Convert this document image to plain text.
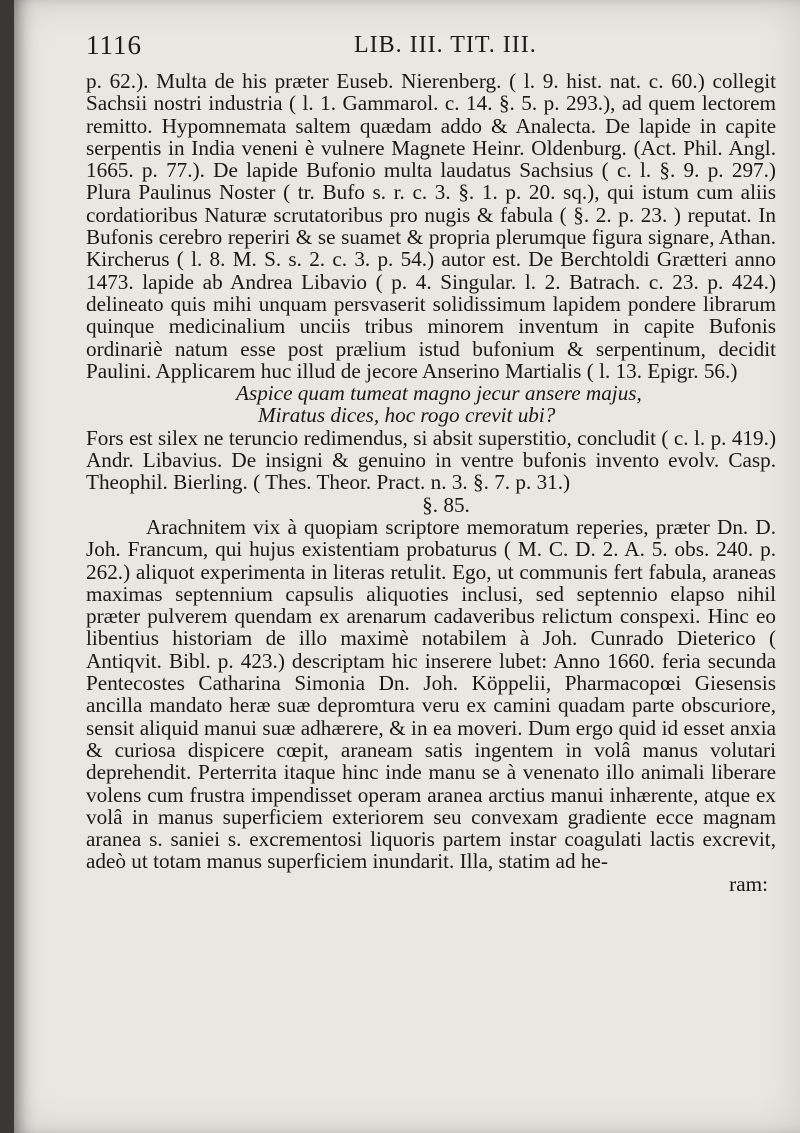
1116	LIB. III. TIT. III.

p. 62.). Multa de his præter Euseb. Nierenberg. ( l. 9. hist. nat. c. 60.) collegit Sachsii nostri industria ( l. 1. Gammarol. c. 14. §. 5. p. 293.), ad quem lectorem remitto. Hypomnemata saltem quædam addo & Analecta. De lapide in capite serpentis in India veneni è vulnere Magnete Heinr. Oldenburg. (Act. Phil. Angl. 1665. p. 77.). De lapide Bufonio multa laudatus Sachsius ( c. l. §. 9. p. 297.) Plura Paulinus Noster ( tr. Bufo s. r. c. 3. §. 1. p. 20. sq.), qui istum cum aliis cordatioribus Naturæ scrutatoribus pro nugis & fabula ( §. 2. p. 23. ) reputat. In Bufonis cerebro reperiri & se suamet & propria plerumque figura signare, Athan. Kircherus ( l. 8. M. S. s. 2. c. 3. p. 54.) autor est. De Berchtoldi Grætteri anno 1473. lapide ab Andrea Libavio ( p. 4. Singular. l. 2. Batrach. c. 23. p. 424.) delineato quis mihi unquam persvaserit solidissimum lapidem pondere librarum quinque medicinalium unciis tribus minorem inventum in capite Bufonis ordinariè natum esse post prælium istud bufonium & serpentinum, decidit Paulini. Applicarem huc illud de jecore Anserino Martialis ( l. 13. Epigr. 56.)

Aspice quam tumeat magno jecur ansere majus,
Miratus dices, hoc rogo crevit ubi?

Fors est silex ne teruncio redimendus, si absit superstitio, concludit ( c. l. p. 419.) Andr. Libavius. De insigni & genuino in ventre bufonis invento evolv. Casp. Theophil. Bierling. ( Thes. Theor. Pract. n. 3. §. 7. p. 31.)

§. 85.

Arachnitem vix à quopiam scriptore memoratum reperies, præter Dn. D. Joh. Francum, qui hujus existentiam probaturus ( M. C. D. 2. A. 5. obs. 240. p. 262.) aliquot experimenta in literas retulit. Ego, ut communis fert fabula, araneas maximas septennium capsulis aliquoties inclusi, sed septennio elapso nihil præter pulverem quendam ex arenarum cadaveribus relictum conspexi. Hinc eo libentius historiam de illo maximè notabilem à Joh. Cunrado Dieterico ( Antiqvit. Bibl. p. 423.) descriptam hic inserere lubet: Anno 1660. feria secunda Pentecostes Catharina Simonia Dn. Joh. Köppelii, Pharmacopœi Giesensis ancilla mandato heræ suæ depromtura veru ex camini quadam parte obscuriore, sensit aliquid manui suæ adhærere, & in ea moveri. Dum ergo quid id esset anxia & curiosa dispicere cœpit, araneam satis ingentem in volâ manus volutari deprehendit. Perterrita itaque hinc inde manu se à venenato illo animali liberare volens cum frustra impendisset operam aranea arctius manui inhærente, atque ex volâ in manus superficiem exteriorem seu convexam gradiente ecce magnam aranea s. saniei s. excrementosi liquoris partem instar coagulati lactis excrevit, adeò ut totam manus superficiem inundarit. Illa, statim ad he-

ram:
